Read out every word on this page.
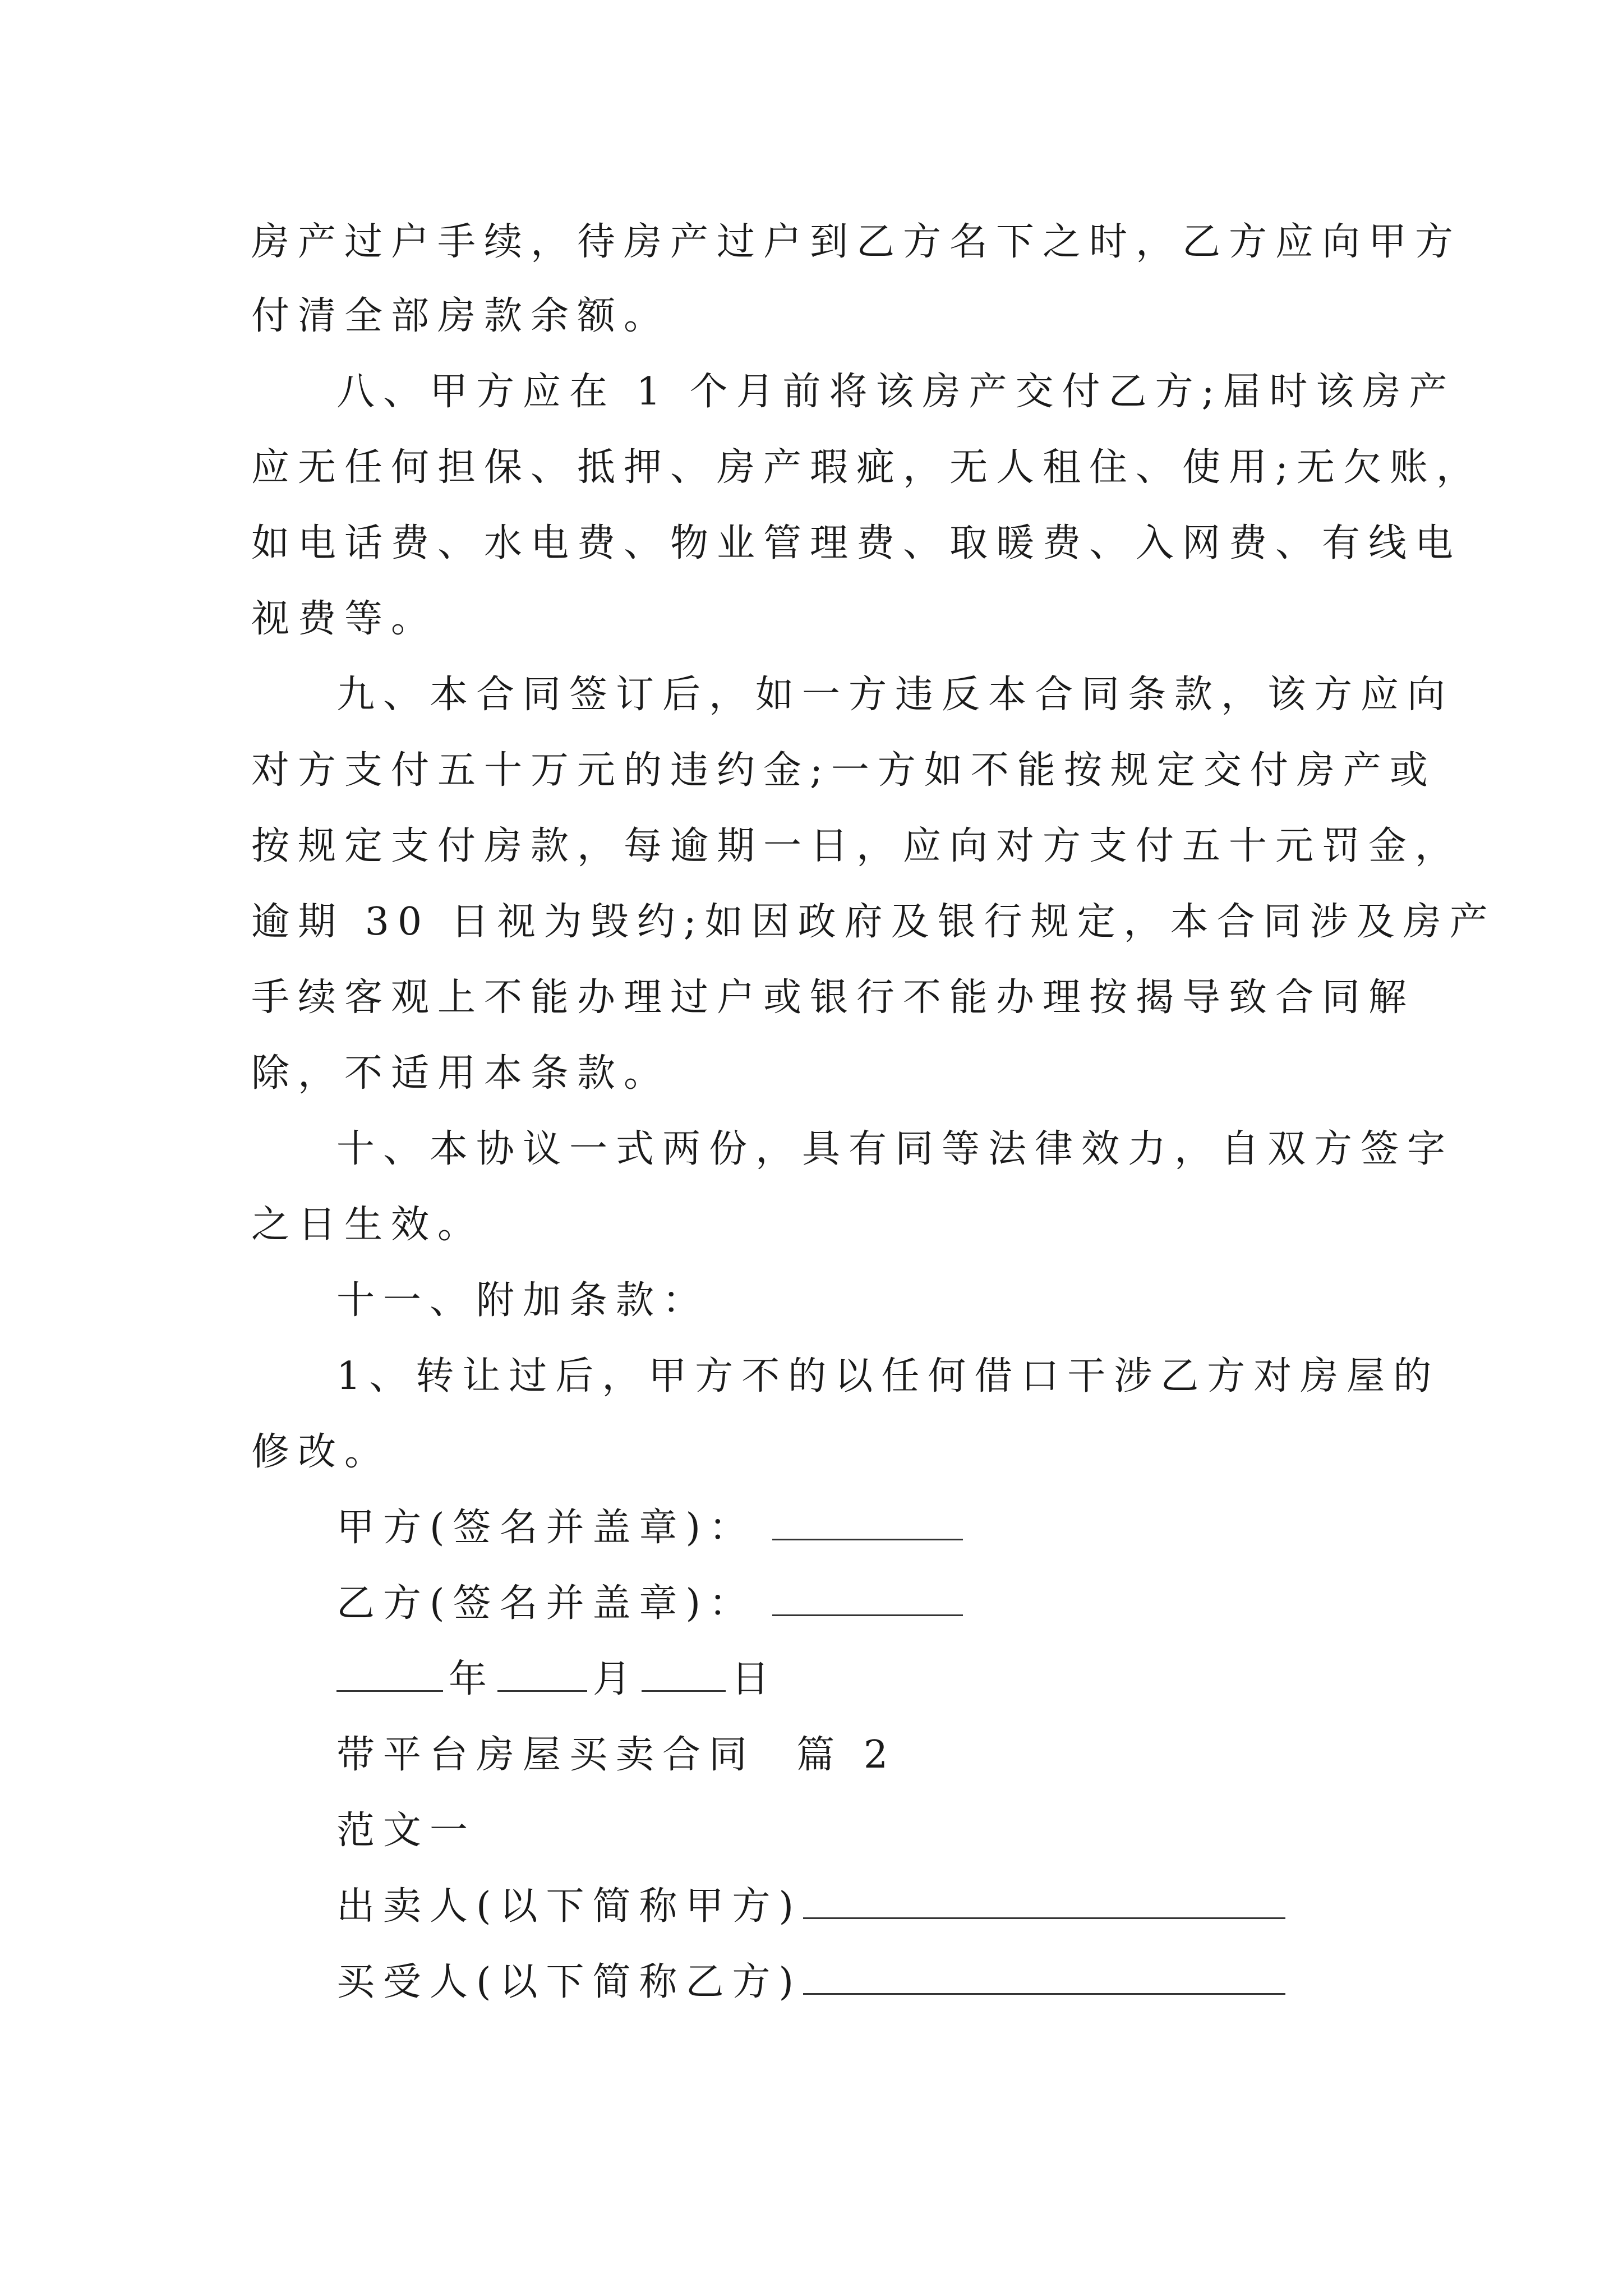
房产过户手续，待房产过户到乙方名下之时，乙方应向甲方

付清全部房款余额。

八、甲方应在 1 个月前将该房产交付乙方;届时该房产

应无任何担保、抵押、房产瑕疵，无人租住、使用;无欠账，

如电话费、水电费、物业管理费、取暖费、入网费、有线电

视费等。

九、本合同签订后，如一方违反本合同条款，该方应向

对方支付五十万元的违约金;一方如不能按规定交付房产或

按规定支付房款，每逾期一日，应向对方支付五十元罚金，

逾期 30 日视为毁约;如因政府及银行规定，本合同涉及房产

手续客观上不能办理过户或银行不能办理按揭导致合同解

除，不适用本条款。

十、本协议一式两份，具有同等法律效力，自双方签字

之日生效。

十一、附加条款：

1、转让过后，甲方不的以任何借口干涉乙方对房屋的

修改。

甲方(签名并盖章)：

乙方(签名并盖章)：

年	月 日

带平台房屋买卖合同  篇 2

范文一

出卖人(以下简称甲方)

买受人(以下简称乙方)
